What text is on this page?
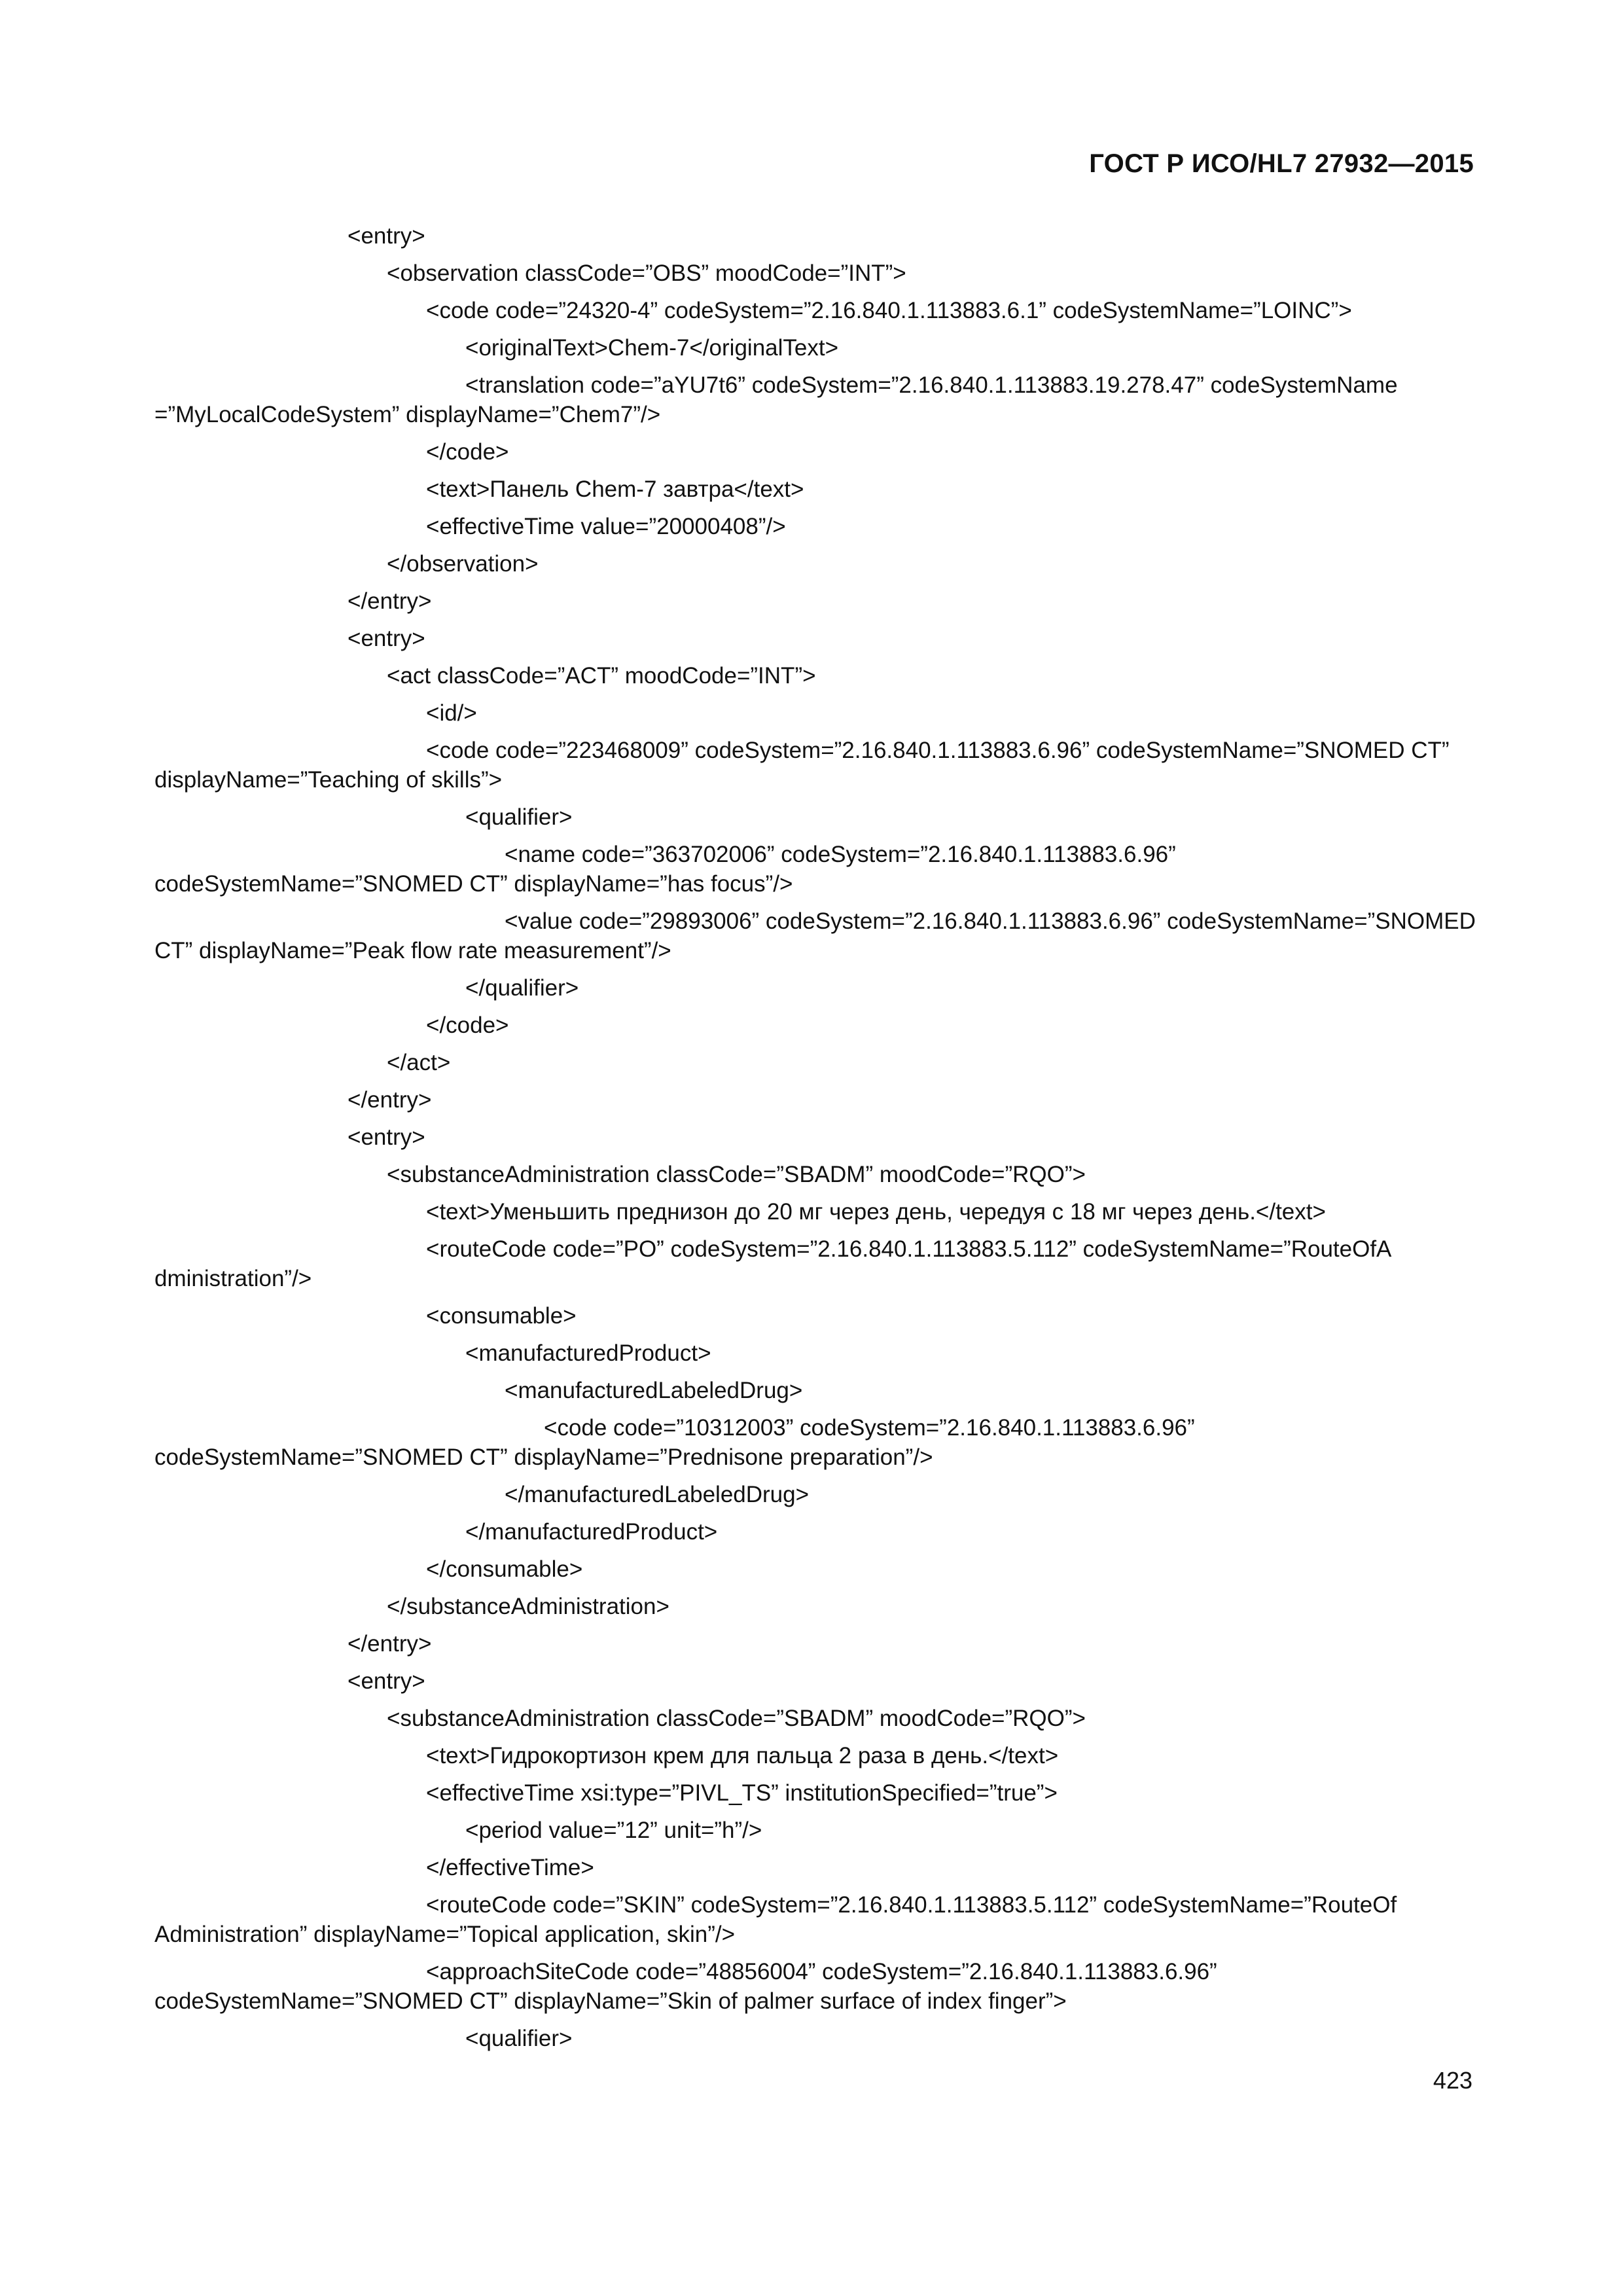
ГОСТ Р ИСО/HL7 27932—2015
<entry>
<observation classCode=”OBS” moodCode=”INT”>
<code code=”24320-4” codeSystem=”2.16.840.1.113883.6.1” codeSystemName=”LOINC”>
<originalText>Chem-7</originalText>
<translation code=”aYU7t6” codeSystem=”2.16.840.1.113883.19.278.47” codeSystemName =”MyLocalCodeSystem” displayName=”Chem7”/>
</code>
<text>Панель Chem-7 завтра</text>
<effectiveTime value=”20000408”/>
</observation>
</entry>
<entry>
<act classCode=”ACT” moodCode=”INT”>
<id/>
<code code=”223468009” codeSystem=”2.16.840.1.113883.6.96” codeSystemName=”SNOMED CT” displayName=”Teaching of skills”>
<qualifier>
<name code=”363702006” codeSystem=”2.16.840.1.113883.6.96” codeSystemName=”SNOMED CT” displayName=”has focus”/>
<value code=”29893006” codeSystem=”2.16.840.1.113883.6.96” codeSystemName=”SNOMED CT” displayName=”Peak flow rate measurement”/>
</qualifier>
</code>
</act>
</entry>
<entry>
<substanceAdministration classCode=”SBADM” moodCode=”RQO”>
<text>Уменьшить преднизон до 20 мг через день, чередуя с 18 мг через день.</text>
<routeCode code=”PO” codeSystem=”2.16.840.1.113883.5.112” codeSystemName=”RouteOfA dministration”/>
<consumable>
<manufacturedProduct>
<manufacturedLabeledDrug>
<code code=”10312003” codeSystem=”2.16.840.1.113883.6.96” codeSystemName=”SNOMED CT” displayName=”Prednisone preparation”/>
</manufacturedLabeledDrug>
</manufacturedProduct>
</consumable>
</substanceAdministration>
</entry>
<entry>
<substanceAdministration classCode=”SBADM” moodCode=”RQO”>
<text>Гидрокортизон крем для пальца 2 раза в день.</text>
<effectiveTime xsi:type=”PIVL_TS” institutionSpecified=”true”>
<period value=”12” unit=”h”/>
</effectiveTime>
<routeCode code=”SKIN” codeSystem=”2.16.840.1.113883.5.112” codeSystemName=”RouteOf Administration” displayName=”Topical application, skin”/>
<approachSiteCode code=”48856004” codeSystem=”2.16.840.1.113883.6.96” codeSystemName=”SNOMED CT” displayName=”Skin of palmer surface of index finger”>
<qualifier>
423
